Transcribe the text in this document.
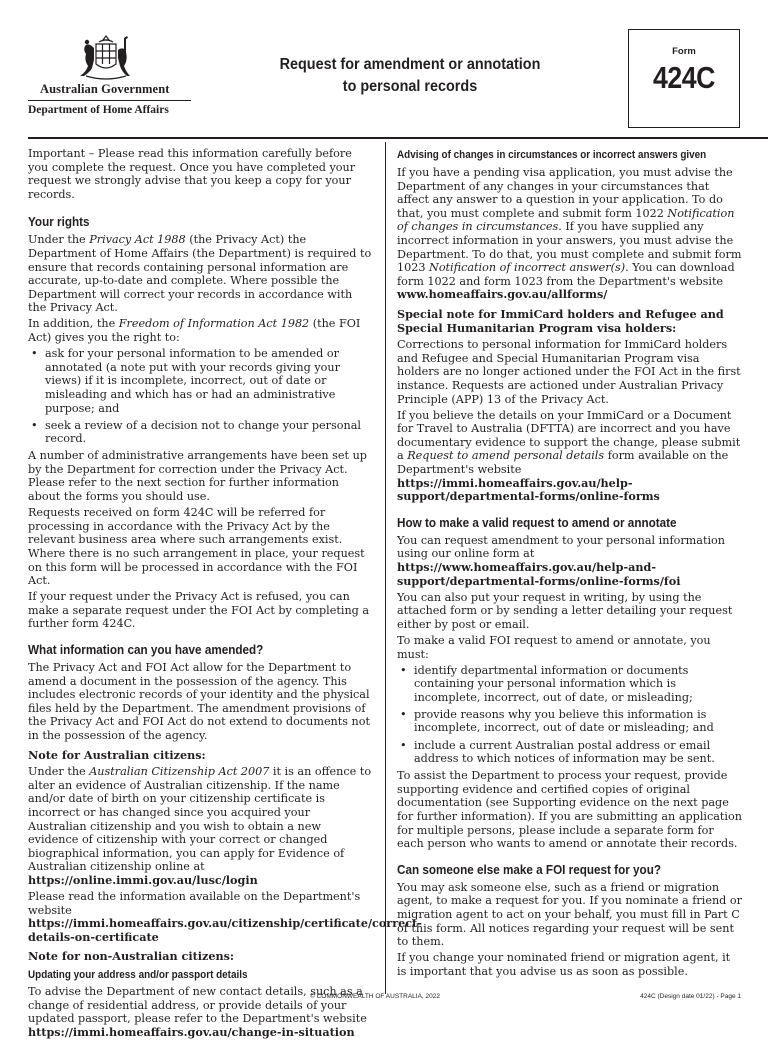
Australian Government
Department of Home Affairs
Request for amendment or annotation
to personal records
Form
424C

Important – Please read this information carefully before you complete the request. Once you have completed your request we strongly advise that you keep a copy for your records.

Your rights

Under the Privacy Act 1988 (the Privacy Act) the Department of Home Affairs (the Department) is required to ensure that records containing personal information are accurate, up-to-date and complete. Where possible the Department will correct your records in accordance with the Privacy Act.

In addition, the Freedom of Information Act 1982 (the FOI Act) gives you the right to:

• ask for your personal information to be amended or annotated (a note put with your records giving your views) if it is incomplete, incorrect, out of date or misleading and which has or had an administrative purpose; and
• seek a review of a decision not to change your personal record.

A number of administrative arrangements have been set up by the Department for correction under the Privacy Act. Please refer to the next section for further information about the forms you should use.

Requests received on form 424C will be referred for processing in accordance with the Privacy Act by the relevant business area where such arrangements exist. Where there is no such arrangement in place, your request on this form will be processed in accordance with the FOI Act.

If your request under the Privacy Act is refused, you can make a separate request under the FOI Act by completing a further form 424C.

What information can you have amended?

The Privacy Act and FOI Act allow for the Department to amend a document in the possession of the agency. This includes electronic records of your identity and the physical files held by the Department. The amendment provisions of the Privacy Act and FOI Act do not extend to documents not in the possession of the agency.

Note for Australian citizens:

Under the Australian Citizenship Act 2007 it is an offence to alter an evidence of Australian citizenship. If the name and/or date of birth on your citizenship certificate is incorrect or has changed since you acquired your Australian citizenship and you wish to obtain a new evidence of citizenship with your correct or changed biographical information, you can apply for Evidence of Australian citizenship online at
https://online.immi.gov.au/lusc/login

Please read the information available on the Department's website https://immi.homeaffairs.gov.au/citizenship/certificate/correct-details-on-certificate

Note for non-Australian citizens:
Updating your address and/or passport details

To advise the Department of new contact details, such as a change of residential address, or provide details of your updated passport, please refer to the Department's website
https://immi.homeaffairs.gov.au/change-in-situation

Advising of changes in circumstances or incorrect answers given

If you have a pending visa application, you must advise the Department of any changes in your circumstances that affect any answer to a question in your application. To do that, you must complete and submit form 1022 Notification of changes in circumstances. If you have supplied any incorrect information in your answers, you must advise the Department. To do that, you must complete and submit form 1023 Notification of incorrect answer(s). You can download form 1022 and form 1023 from the Department's website www.homeaffairs.gov.au/allforms/

Special note for ImmiCard holders and Refugee and Special Humanitarian Program visa holders:

Corrections to personal information for ImmiCard holders and Refugee and Special Humanitarian Program visa holders are no longer actioned under the FOI Act in the first instance. Requests are actioned under Australian Privacy Principle (APP) 13 of the Privacy Act.

If you believe the details on your ImmiCard or a Document for Travel to Australia (DFTTA) are incorrect and you have documentary evidence to support the change, please submit a Request to amend personal details form available on the Department's website
https://immi.homeaffairs.gov.au/help-support/departmental-forms/online-forms

How to make a valid request to amend or annotate

You can request amendment to your personal information using our online form at
https://www.homeaffairs.gov.au/help-and-support/departmental-forms/online-forms/foi

You can also put your request in writing, by using the attached form or by sending a letter detailing your request either by post or email.

To make a valid FOI request to amend or annotate, you must:

• identify departmental information or documents containing your personal information which is incomplete, incorrect, out of date, or misleading;
• provide reasons why you believe this information is incomplete, incorrect, out of date or misleading; and
• include a current Australian postal address or email address to which notices of information may be sent.

To assist the Department to process your request, provide supporting evidence and certified copies of original documentation (see Supporting evidence on the next page for further information). If you are submitting an application for multiple persons, please include a separate form for each person who wants to amend or annotate their records.

Can someone else make a FOI request for you?

You may ask someone else, such as a friend or migration agent, to make a request for you. If you nominate a friend or migration agent to act on your behalf, you must fill in Part C of this form. All notices regarding your request will be sent to them.

If you change your nominated friend or migration agent, it is important that you advise us as soon as possible.

© COMMONWEALTH OF AUSTRALIA, 2022	424C (Design date 01/22) - Page 1
